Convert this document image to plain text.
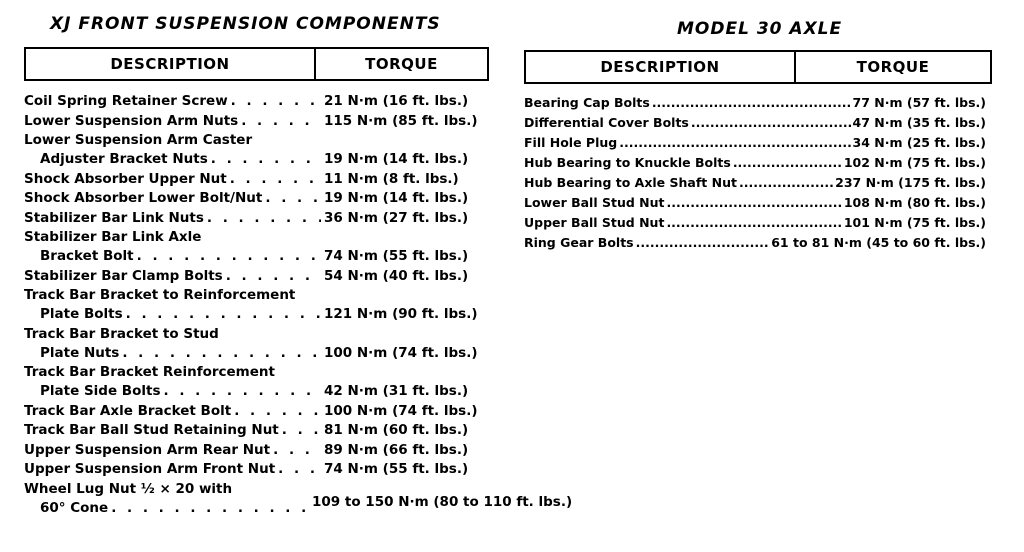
XJ FRONT SUSPENSION COMPONENTS
DESCRIPTION	TORQUE
Coil Spring Retainer Screw . . .	21 N·m (16 ft. lbs.)
Lower Suspension Arm Nuts . . .	115 N·m (85 ft. lbs.)
Lower Suspension Arm Caster
Adjuster Bracket Nuts . . .	19 N·m (14 ft. lbs.)
Shock Absorber Upper Nut . . .	11 N·m (8 ft. lbs.)
Shock Absorber Lower Bolt/Nut . . .	19 N·m (14 ft. lbs.)
Stabilizer Bar Link Nuts . . .	36 N·m (27 ft. lbs.)
Stabilizer Bar Link Axle
Bracket Bolt . . .	74 N·m (55 ft. lbs.)
Stabilizer Bar Clamp Bolts . . .	54 N·m (40 ft. lbs.)
Track Bar Bracket to Reinforcement
Plate Bolts . . .	121 N·m (90 ft. lbs.)
Track Bar Bracket to Stud
Plate Nuts . . .	100 N·m (74 ft. lbs.)
Track Bar Bracket Reinforcement
Plate Side Bolts . . .	42 N·m (31 ft. lbs.)
Track Bar Axle Bracket Bolt . . .	100 N·m (74 ft. lbs.)
Track Bar Ball Stud Retaining Nut . . .	81 N·m (60 ft. lbs.)
Upper Suspension Arm Rear Nut . . .	89 N·m (66 ft. lbs.)
Upper Suspension Arm Front Nut . . .	74 N·m (55 ft. lbs.)
Wheel Lug Nut ½ × 20 with
60° Cone . . .	109 to 150 N·m (80 to 110 ft. lbs.)
MODEL 30 AXLE
DESCRIPTION	TORQUE
Bearing Cap Bolts .....	77 N·m (57 ft. lbs.)
Differential Cover Bolts .....	47 N·m (35 ft. lbs.)
Fill Hole Plug .....	34 N·m (25 ft. lbs.)
Hub Bearing to Knuckle Bolts .....	102 N·m (75 ft. lbs.)
Hub Bearing to Axle Shaft Nut .....	237 N·m (175 ft. lbs.)
Lower Ball Stud Nut .....	108 N·m (80 ft. lbs.)
Upper Ball Stud Nut .....	101 N·m (75 ft. lbs.)
Ring Gear Bolts .....	61 to 81 N·m (45 to 60 ft. lbs.)
